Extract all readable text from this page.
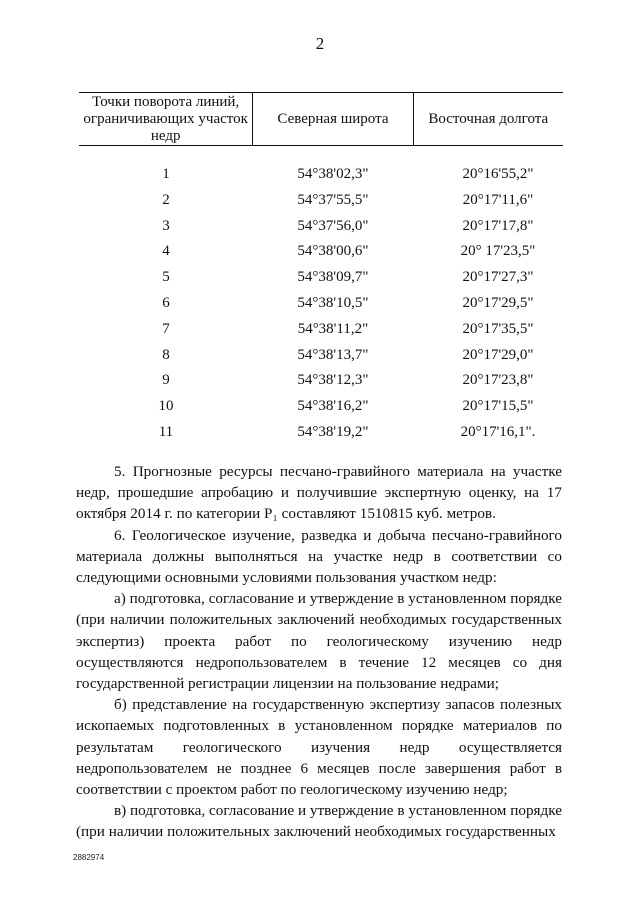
2
Точки поворота линий, ограничивающих участок недр	Северная широта	Восточная долгота

1	54°38'02,3"	20°16'55,2"
2	54°37'55,5"	20°17'11,6"
3	54°37'56,0"	20°17'17,8"
4	54°38'00,6"	20° 17'23,5"
5	54°38'09,7"	20°17'27,3"
6	54°38'10,5"	20°17'29,5"
7	54°38'11,2"	20°17'35,5"
8	54°38'13,7"	20°17'29,0"
9	54°38'12,3"	20°17'23,8"
10	54°38'16,2"	20°17'15,5"
11	54°38'19,2"	20°17'16,1".

5. Прогнозные ресурсы песчано-гравийного материала на участке недр, прошедшие апробацию и получившие экспертную оценку, на 17 октября 2014 г. по категории P₁ составляют 1510815 куб. метров.

6. Геологическое изучение, разведка и добыча песчано-гравийного материала должны выполняться на участке недр в соответствии со следующими основными условиями пользования участком недр:

а) подготовка, согласование и утверждение в установленном порядке (при наличии положительных заключений необходимых государственных экспертиз) проекта работ по геологическому изучению недр осуществляются недропользователем в течение 12 месяцев со дня государственной регистрации лицензии на пользование недрами;

б) представление на государственную экспертизу запасов полезных ископаемых подготовленных в установленном порядке материалов по результатам геологического изучения недр осуществляется недропользователем не позднее 6 месяцев после завершения работ в соответствии с проектом работ по геологическому изучению недр;

в) подготовка, согласование и утверждение в установленном порядке (при наличии положительных заключений необходимых государственных

2882974
